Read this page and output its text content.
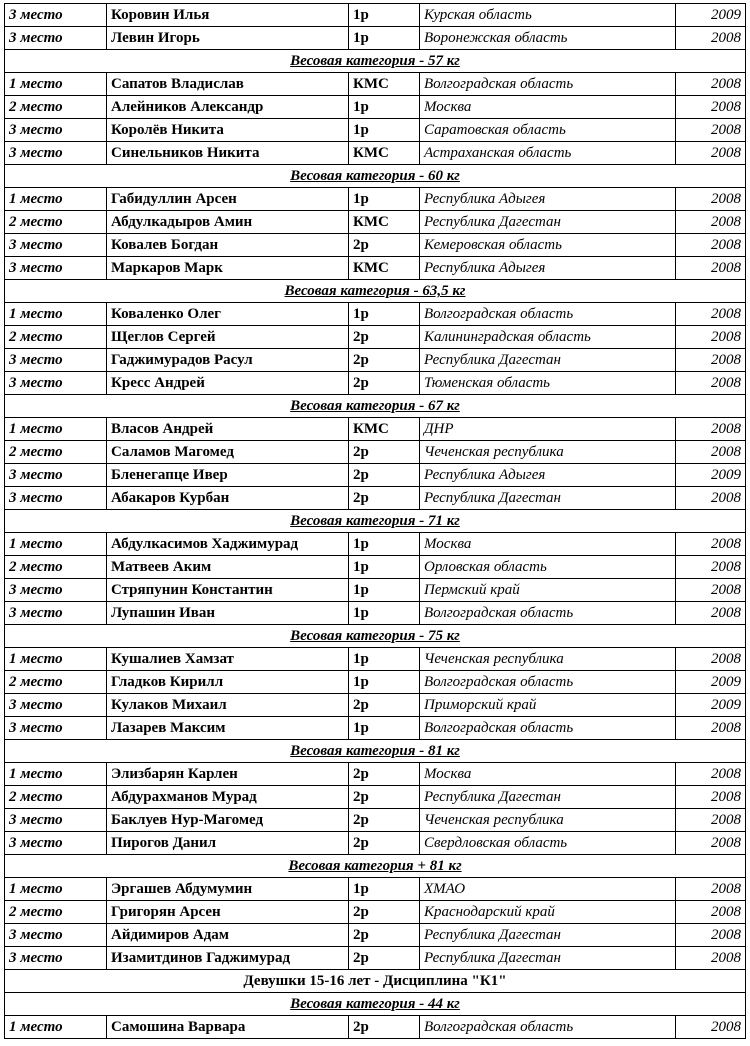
3 место	Коровин Илья	1р	Курская область	2009
3 место	Левин Игорь	1р	Воронежская область	2008
Весовая категория - 57 кг				
1 место	Сапатов Владислав	КМС	Волгоградская область	2008
2 место	Алейников Александр	1р	Москва	2008
3 место	Королёв Никита	1р	Саратовская область	2008
3 место	Синельников Никита	КМС	Астраханская область	2008
Весовая категория - 60 кг				
1 место	Габидуллин Арсен	1р	Республика Адыгея	2008
2 место	Абдулкадыров Амин	КМС	Республика Дагестан	2008
3 место	Ковалев Богдан	2р	Кемеровская область	2008
3 место	Маркаров Марк	КМС	Республика Адыгея	2008
Весовая категория - 63,5 кг				
1 место	Коваленко Олег	1р	Волгоградская область	2008
2 место	Щеглов Сергей	2р	Калининградская область	2008
3 место	Гаджимурадов Расул	2р	Республика Дагестан	2008
3 место	Кресс Андрей	2р	Тюменская область	2008
Весовая категория - 67 кг				
1 место	Власов Андрей	КМС	ДНР	2008
2 место	Саламов Магомед	2р	Чеченская республика	2008
3 место	Бленегапце Ивер	2р	Республика Адыгея	2009
3 место	Абакаров Курбан	2р	Республика Дагестан	2008
Весовая категория - 71 кг				
1 место	Абдулкасимов Хаджимурад	1р	Москва	2008
2 место	Матвеев Аким	1р	Орловская область	2008
3 место	Стряпунин Константин	1р	Пермский край	2008
3 место	Лупашин Иван	1р	Волгоградская область	2008
Весовая категория - 75 кг				
1 место	Кушалиев Хамзат	1р	Чеченская республика	2008
2 место	Гладков Кирилл	1р	Волгоградская область	2009
3 место	Кулаков Михаил	2р	Приморский край	2009
3 место	Лазарев Максим	1р	Волгоградская область	2008
Весовая категория - 81 кг				
1 место	Элизбарян Карлен	2р	Москва	2008
2 место	Абдурахманов Мурад	2р	Республика Дагестан	2008
3 место	Баклуев Нур-Магомед	2р	Чеченская республика	2008
3 место	Пирогов Данил	2р	Свердловская область	2008
Весовая категория + 81 кг				
1 место	Эргашев Абдумумин	1р	ХМАО	2008
2 место	Григорян Арсен	2р	Краснодарский край	2008
3 место	Айдимиров Адам	2р	Республика Дагестан	2008
3 место	Изамитдинов Гаджимурад	2р	Республика Дагестан	2008
Девушки 15-16 лет - Дисциплина "К1"				
Весовая категория - 44 кг				
1 место	Самошина Варвара	2р	Волгоградская область	2008
